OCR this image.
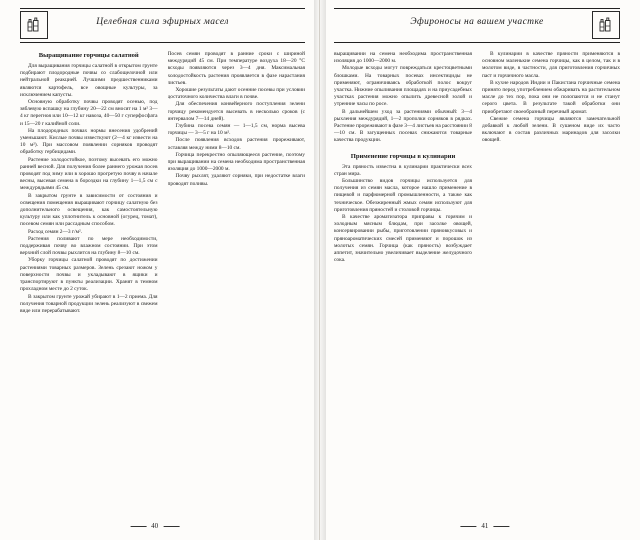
Целебная сила эфирных масел
Выращивание горчицы салатной

Для выращивания горчицы салатной в открытом грунте подбирают плодородные почвы со слабощелочной или нейтральной реакцией. Лучшими предшественниками являются картофель, все овощные культуры, за исключением капусты.

Основную обработку почвы проводят осенью, под зяблевую вспашку на глубину 20—22 см вносят на 1 м² 3—4 кг перегноя или 10—12 кг навоза, 40—50 г суперфосфата и 15—20 г калийной соли.

На плодородных почвах нормы внесения удобрений уменьшают. Кислые почвы известкуют (2—4 кг извести на 10 м²). При массовом появлении сорняков проводят обработку гербицидами.

Растение холодостойкое, поэтому высевать его можно ранней весной. Для получения более раннего урожая посев проводят под зиму или в хорошо прогретую почву в начале весны, высевая семена в бороздки на глубину 1—1,5 см с междурядьями 45 см.

В закрытом грунте в зависимости от состояния и освещения помещения выращивают горчицу салатную без дополнительного освещения, как самостоятельную культуру или как уплотнитель к основной (огурец, томат), посевом семян или рассадным способом.

Расход семян 2—3 г/м².

Растения поливают по мере необходимости, поддерживая почву во влажном состоянии. При этом верхний слой почвы рыхлится на глубину 8—10 см.

Уборку горчицы салатной проводят по достижении растениями товарных размеров. Зелень срезают ножом у поверхности почвы и укладывают в ящики и транспортируют в пункты реализации. Хранят в темном прохладном месте до 2 суток.

В закрытом грунте урожай убирают в 1—2 приема. Для получения товарной продукции зелень реализуют в свежем виде или перерабатывают.

Посев семян проводят в ранние сроки с шириной междурядий 45 см. При температуре воздуха 18—20 °С всходы появляются через 3—4 дня. Максимальная холодостойкость растения проявляется в фазе нарастания листьев.

Хорошие результаты дают осенние посевы при условии достаточного количества влаги в почве.

Для обеспечения конвейерного поступления зелени горчицу рекомендуется высевать в несколько сроков (с интервалом 7—14 дней).

Глубина посева семян — 1—1,5 см, норма высева горчицы — 3—5 г на 10 м².

После появления всходов растения прореживают, оставляя между ними 8—10 см.

Горчица перекрестно опыляющееся растение, поэтому при выращивании на семена необходима пространственная изоляция до 1000—2000 м.

Почву рыхлят, удаляют сорняки, при недостатке влаги проводят поливы.

40
Эфироносы на вашем участке

выращивании на семена необходима пространственная изоляция до 1000—2000 м.

Молодые всходы могут повреждаться крестоцветными блошками. На товарных посевах инсектициды не применяют, ограничиваясь обработкой полос вокруг участка. Нижние опыливания площадях и на приусадебных участках растения можно опылить древесной золой и утренние часы по росе.

В дальнейшем уход за растениями обычный: 3—4 рыхления междурядий, 1—2 прополки сорняков в рядках. Растение прореживают в фазе 3—4 листьев на расстоянии 8—10 см. В загущенных посевах снижаются товарные качества продукции.

Применение горчицы в кулинарии

Эта пряность известна в кулинарии практически всех стран мира.

Большинство видов горчицы используется для получения из семян масла, которое нашло применение в пищевой и парфюмерной промышленности, а также как техническое. Обезжиренный жмых семян используют для приготовления пряностей и столовой горчицы.

В качестве ароматизатора приправы к горячим и холодным мясным блюдам, при засолке овощей, консервировании рыбы, приготовлении пряновкусовых и пряноароматических смесей применяют и порошок из молотых семян. Горчица (как пряность) возбуждает аппетит, значительно увеличивает выделение желудочного сока.

В кулинарии в качестве пряности применяются в основном маленькие семена горчицы, как в целом, так и в молотом виде, в частности, для приготовления горчичных паст и горчичного масла.

В кухне народов Индии и Пакистана горчичные семена принято перед употреблением обжаривать на растительном масле до тех пор, пока они не полопаются и не станут серого цвета. В результате такой обработки они приобретают своеобразный перечный аромат.

Свежие семена горчицы являются замечательной добавкой к любой зелени. В сушеном виде их часто включают в состав различных маринадов для засолки овощей.

41
